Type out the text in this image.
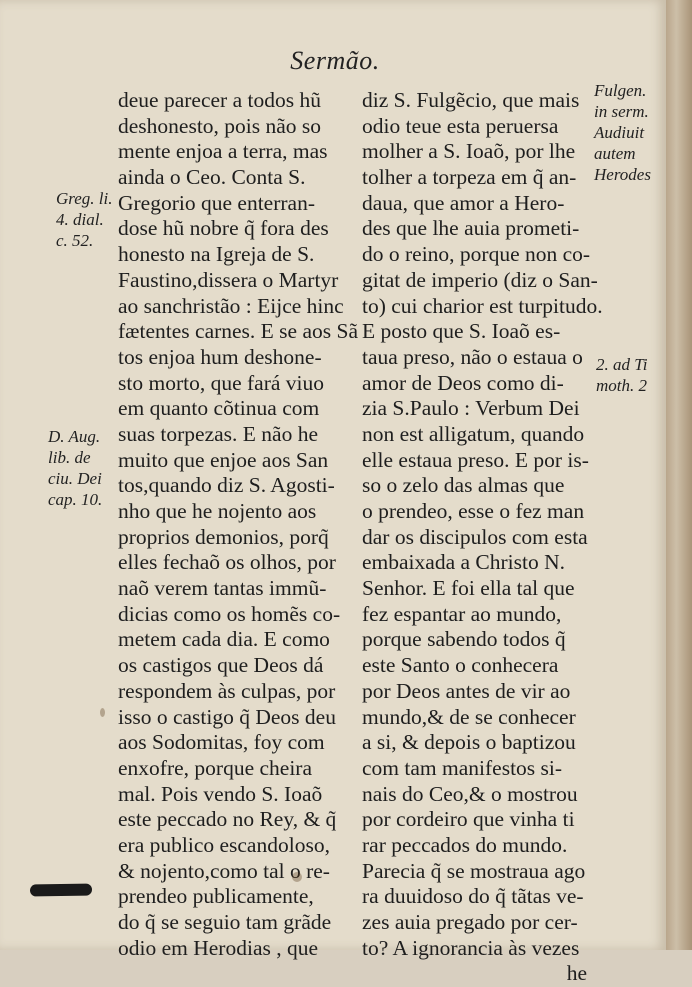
Sermão.
deue parecer a todos hũ
deshonesto, pois não so
mente enjoa a terra, mas
ainda o Ceo. Conta S.
Gregorio que enterran-
dose hũ nobre q̃ fora des
honesto na Igreja de S.
Faustino,dissera o Martyr
ao sanchristão : Eijce hinc
fætentes carnes. E se aos Sã
tos enjoa hum deshone-
sto morto, que fará viuo
em quanto cõtinua com
suas torpezas. E não he
muito que enjoe aos San
tos,quando diz S. Agosti-
nho que he nojento aos
proprios demonios, porq̃
elles fechaõ os olhos, por
naõ verem tantas immũ-
dicias como os homẽs co-
metem cada dia. E como
os castigos que Deos dá
respondem às culpas, por
isso o castigo q̃ Deos deu
aos Sodomitas, foy com
enxofre, porque cheira
mal. Pois vendo S. Ioaõ
este peccado no Rey, & q̃
era publico escandoloso,
& nojento,como tal o re-
prendeo publicamente,
do q̃ se seguio tam grãde
odio em Herodias , que
diz S. Fulgẽcio, que mais
odio teue esta peruersa
molher a S. Ioaõ, por lhe
tolher a torpeza em q̃ an-
daua, que amor a Hero-
des que lhe auia prometi-
do o reino, porque non co-
gitat de imperio (diz o San-
to) cui charior est turpitudo.
E posto que S. Ioaõ es-
taua preso, não o estaua o
amor de Deos como di-
zia S.Paulo : Verbum Dei
non est alligatum, quando
elle estaua preso. E por is-
so o zelo das almas que
o prendeo, esse o fez man
dar os discipulos com esta
embaixada a Christo N.
Senhor. E foi ella tal que
fez espantar ao mundo,
porque sabendo todos q̃
este Santo o conhecera
por Deos antes de vir ao
mundo,& de se conhecer
a si, & depois o baptizou
com tam manifestos si-
nais do Ceo,& o mostrou
por cordeiro que vinha ti
rar peccados do mundo.
Parecia q̃ se mostraua ago
ra duuidoso do q̃ tãtas ve-
zes auia pregado por cer-
to? A ignorancia às vezes
he
Greg. li.
4. dial.
c. 52.
D. Aug.
lib. de
ciu. Dei
cap. 10.
Fulgen.
in serm.
Audiuit
autem
Herodes
2. ad Ti
moth. 2
